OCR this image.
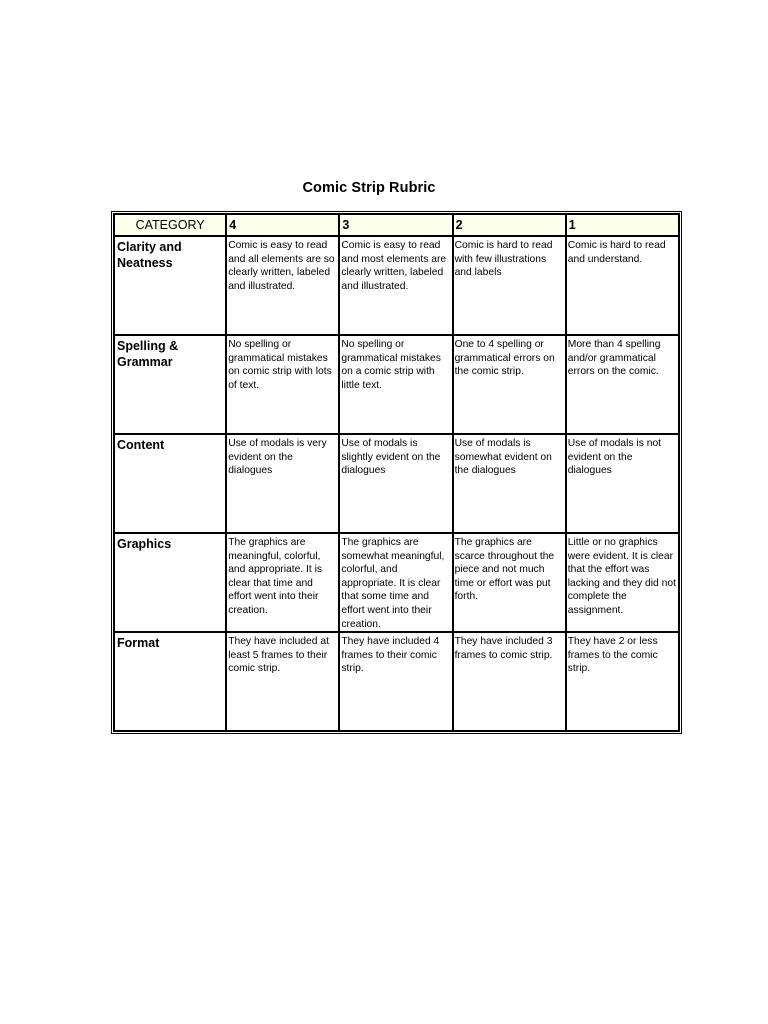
Comic Strip Rubric
CATEGORY	4	3	2	1
Clarity and Neatness	Comic is easy to read and all elements are so clearly written, labeled and illustrated.	Comic is easy to read and most elements are clearly written, labeled and illustrated.	Comic is hard to read with few illustrations and labels	Comic is hard to read and understand.
Spelling & Grammar	No spelling or grammatical mistakes on comic strip with lots of text.	No spelling or grammatical mistakes on a comic strip with little text.	One to 4 spelling or grammatical errors on the comic strip.	More than 4 spelling and/or grammatical errors on the comic.
Content	Use of modals is very evident on the dialogues	Use of modals is slightly evident on the dialogues	Use of modals is somewhat evident on the dialogues	Use of modals is not evident on the dialogues
Graphics	The graphics are meaningful, colorful, and appropriate. It is clear that time and effort went into their creation.	The graphics are somewhat meaningful, colorful, and appropriate. It is clear that some time and effort went into their creation.	The graphics are scarce throughout the piece and not much time or effort was put forth.	Little or no graphics were evident. It is clear that the effort was lacking and they did not complete the assignment.
Format	They have included at least 5 frames to their comic strip.	They have included 4 frames to their comic strip.	They have included 3 frames to comic strip.	They have 2 or less frames to the comic strip.
